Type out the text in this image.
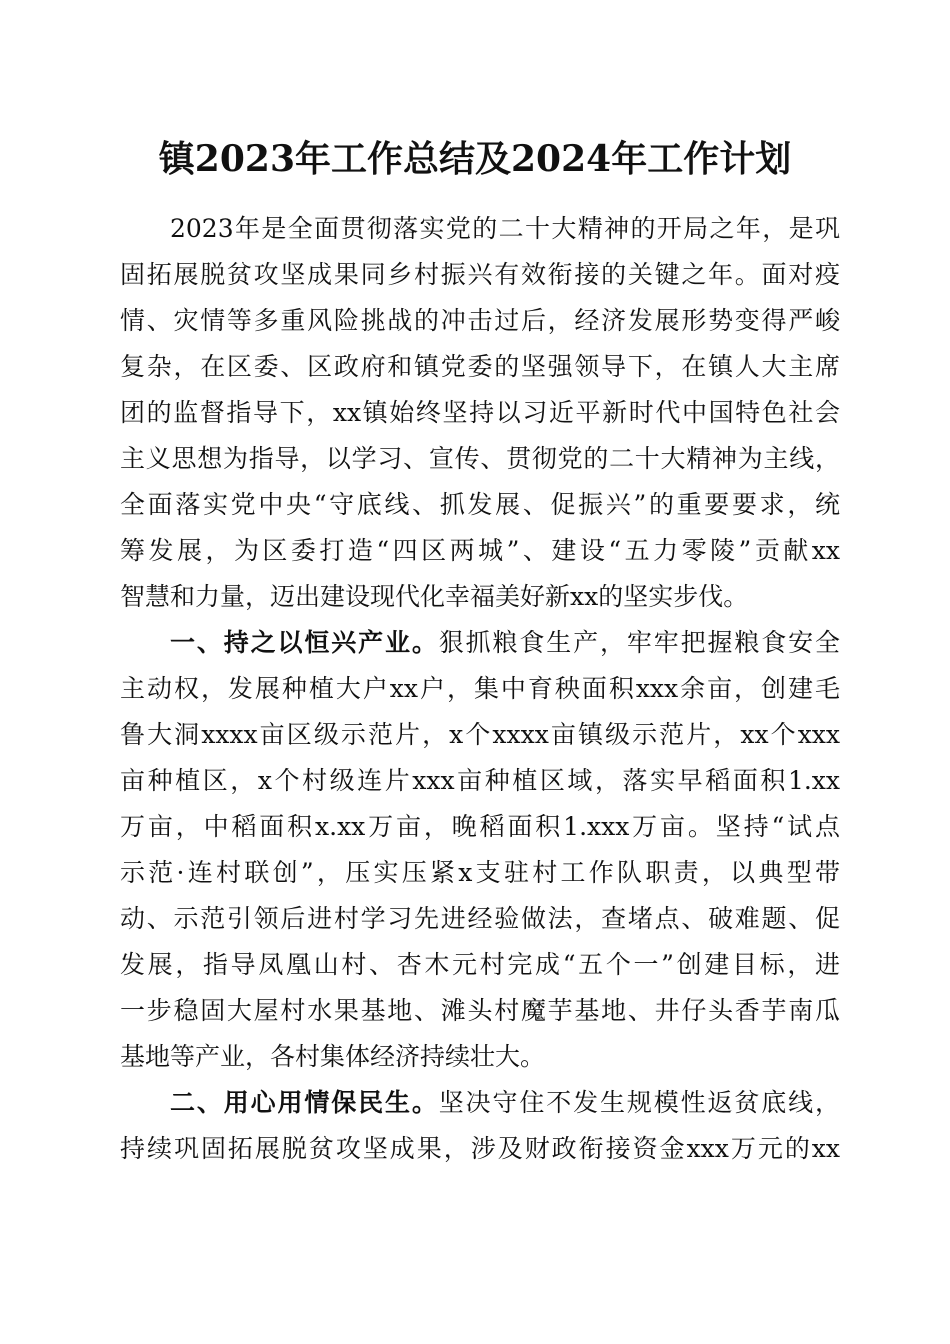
镇2023年工作总结及2024年工作计划
2023年是全面贯彻落实党的二十大精神的开局之年，是巩
固拓展脱贫攻坚成果同乡村振兴有效衔接的关键之年。面对疫
情、灾情等多重风险挑战的冲击过后，经济发展形势变得严峻
复杂，在区委、区政府和镇党委的坚强领导下，在镇人大主席
团的监督指导下，xx镇始终坚持以习近平新时代中国特色社会
主义思想为指导，以学习、宣传、贯彻党的二十大精神为主线，
全面落实党中央“守底线、抓发展、促振兴”的重要要求，统
筹发展，为区委打造“四区两城”、建设“五力零陵”贡献xx
智慧和力量，迈出建设现代化幸福美好新xx的坚实步伐。
一、持之以恒兴产业。狠抓粮食生产，牢牢把握粮食安全
主动权，发展种植大户xx户，集中育秧面积xxx余亩，创建毛
鲁大洞xxxx亩区级示范片，x个xxxx亩镇级示范片，xx个xxx
亩种植区，x个村级连片xxx亩种植区域，落实早稻面积1.xx
万亩，中稻面积x.xx万亩，晚稻面积1.xxx万亩。坚持“试点
示范·连村联创”，压实压紧x支驻村工作队职责，以典型带
动、示范引领后进村学习先进经验做法，查堵点、破难题、促
发展，指导凤凰山村、杏木元村完成“五个一”创建目标，进
一步稳固大屋村水果基地、滩头村魔芋基地、井仔头香芋南瓜
基地等产业，各村集体经济持续壮大。
二、用心用情保民生。坚决守住不发生规模性返贫底线，
持续巩固拓展脱贫攻坚成果，涉及财政衔接资金xxx万元的xx
